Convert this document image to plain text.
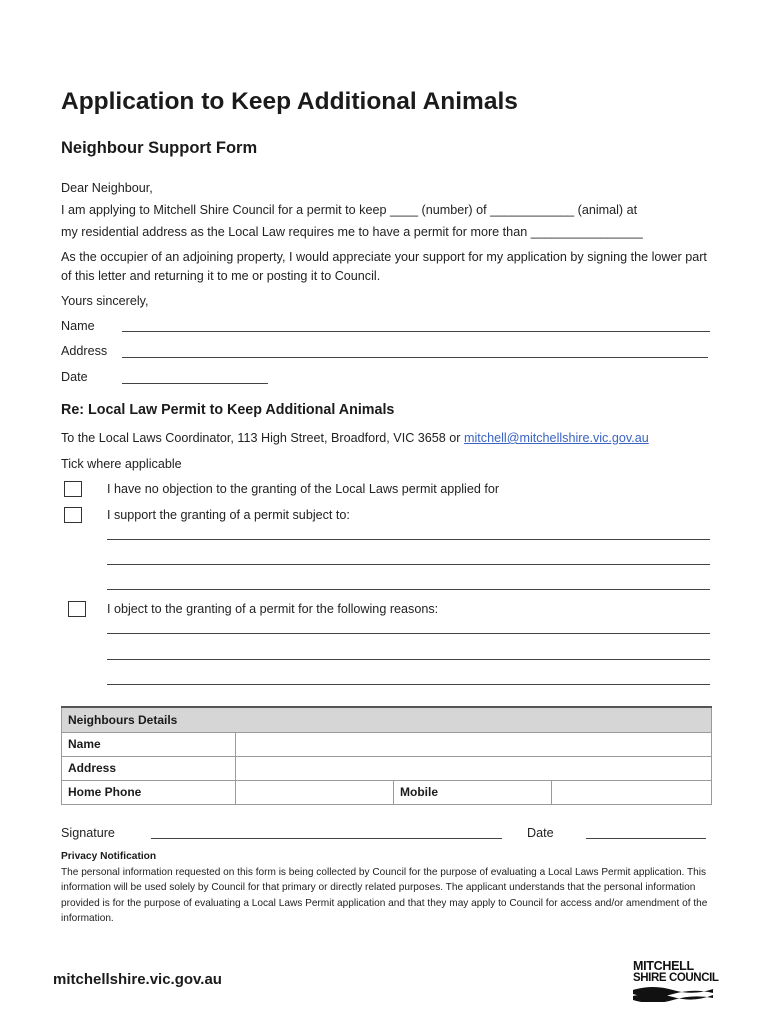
Application to Keep Additional Animals
Neighbour Support Form
Dear Neighbour,
I am applying to Mitchell Shire Council for a permit to keep ____ (number) of ____________ (animal) at
my residential address as the Local Law requires me to have a permit for more than ________________
As the occupier of an adjoining property, I would appreciate your support for my application by signing the lower part of this letter and returning it to me or posting it to Council.
Yours sincerely,
Name
Address
Date
Re: Local Law Permit to Keep Additional Animals
To the Local Laws Coordinator, 113 High Street, Broadford, VIC 3658 or mitchell@mitchellshire.vic.gov.au
Tick where applicable
I have no objection to the granting of the Local Laws permit applied for
I support the granting of a permit subject to:
I object to the granting of a permit for the following reasons:
Neighbours Details			
Name			
Address			
Home Phone		Mobile	
Signature	Date
Privacy Notification
The personal information requested on this form is being collected by Council for the purpose of evaluating a Local Laws Permit application. This information will be used solely by Council for that primary or directly related purposes. The applicant understands that the personal information provided is for the purpose of evaluating a Local Laws Permit application and that they may apply to Council for access and/or amendment of the information.
mitchellshire.vic.gov.au
MITCHELL
SHIRE COUNCIL
